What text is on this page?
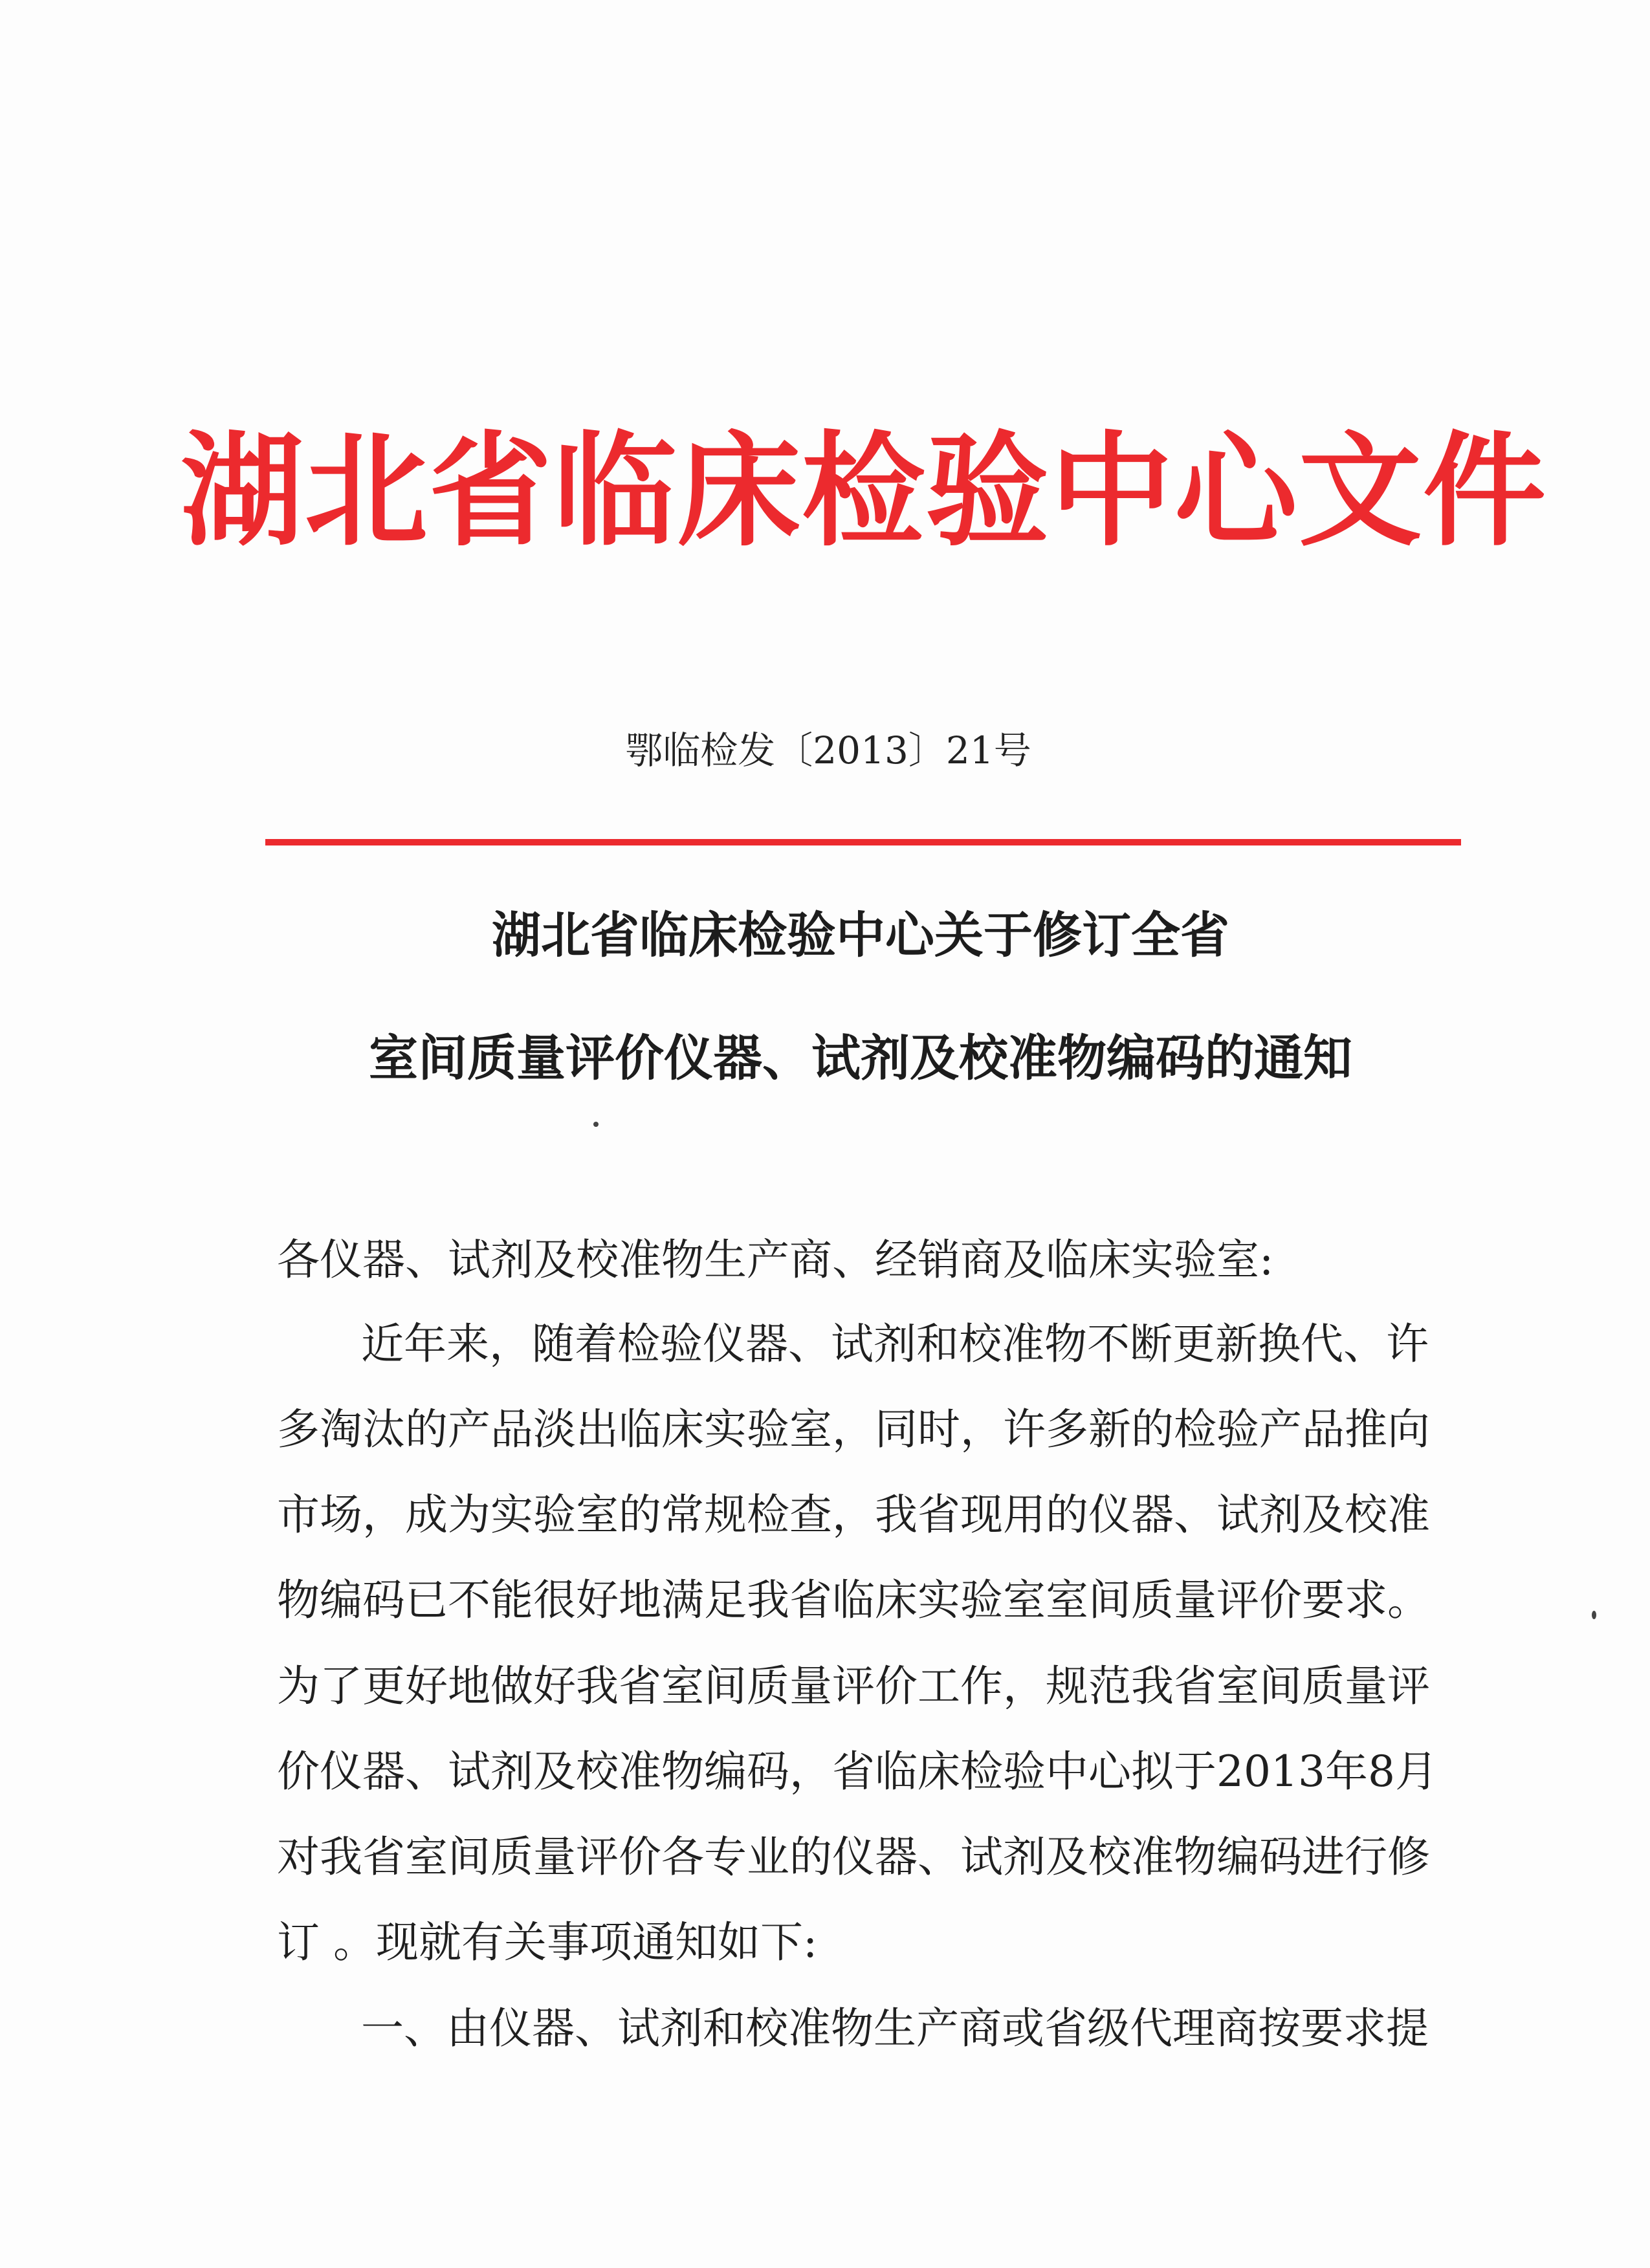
湖北省临床检验中心文件
鄂临检发〔2013〕21号
湖北省临床检验中心关于修订全省
室间质量评价仪器、试剂及校准物编码的通知
各仪器、试剂及校准物生产商、经销商及临床实验室:
近年来，随着检验仪器、试剂和校准物不断更新换代、许
多淘汰的产品淡出临床实验室，同时，许多新的检验产品推向
市场，成为实验室的常规检查，我省现用的仪器、试剂及校准
物编码已不能很好地满足我省临床实验室室间质量评价要求。
为了更好地做好我省室间质量评价工作，规范我省室间质量评
价仪器、试剂及校准物编码，省临床检验中心拟于2013年8月
对我省室间质量评价各专业的仪器、试剂及校准物编码进行修
订 。现就有关事项通知如下:
一、由仪器、试剂和校准物生产商或省级代理商按要求提
